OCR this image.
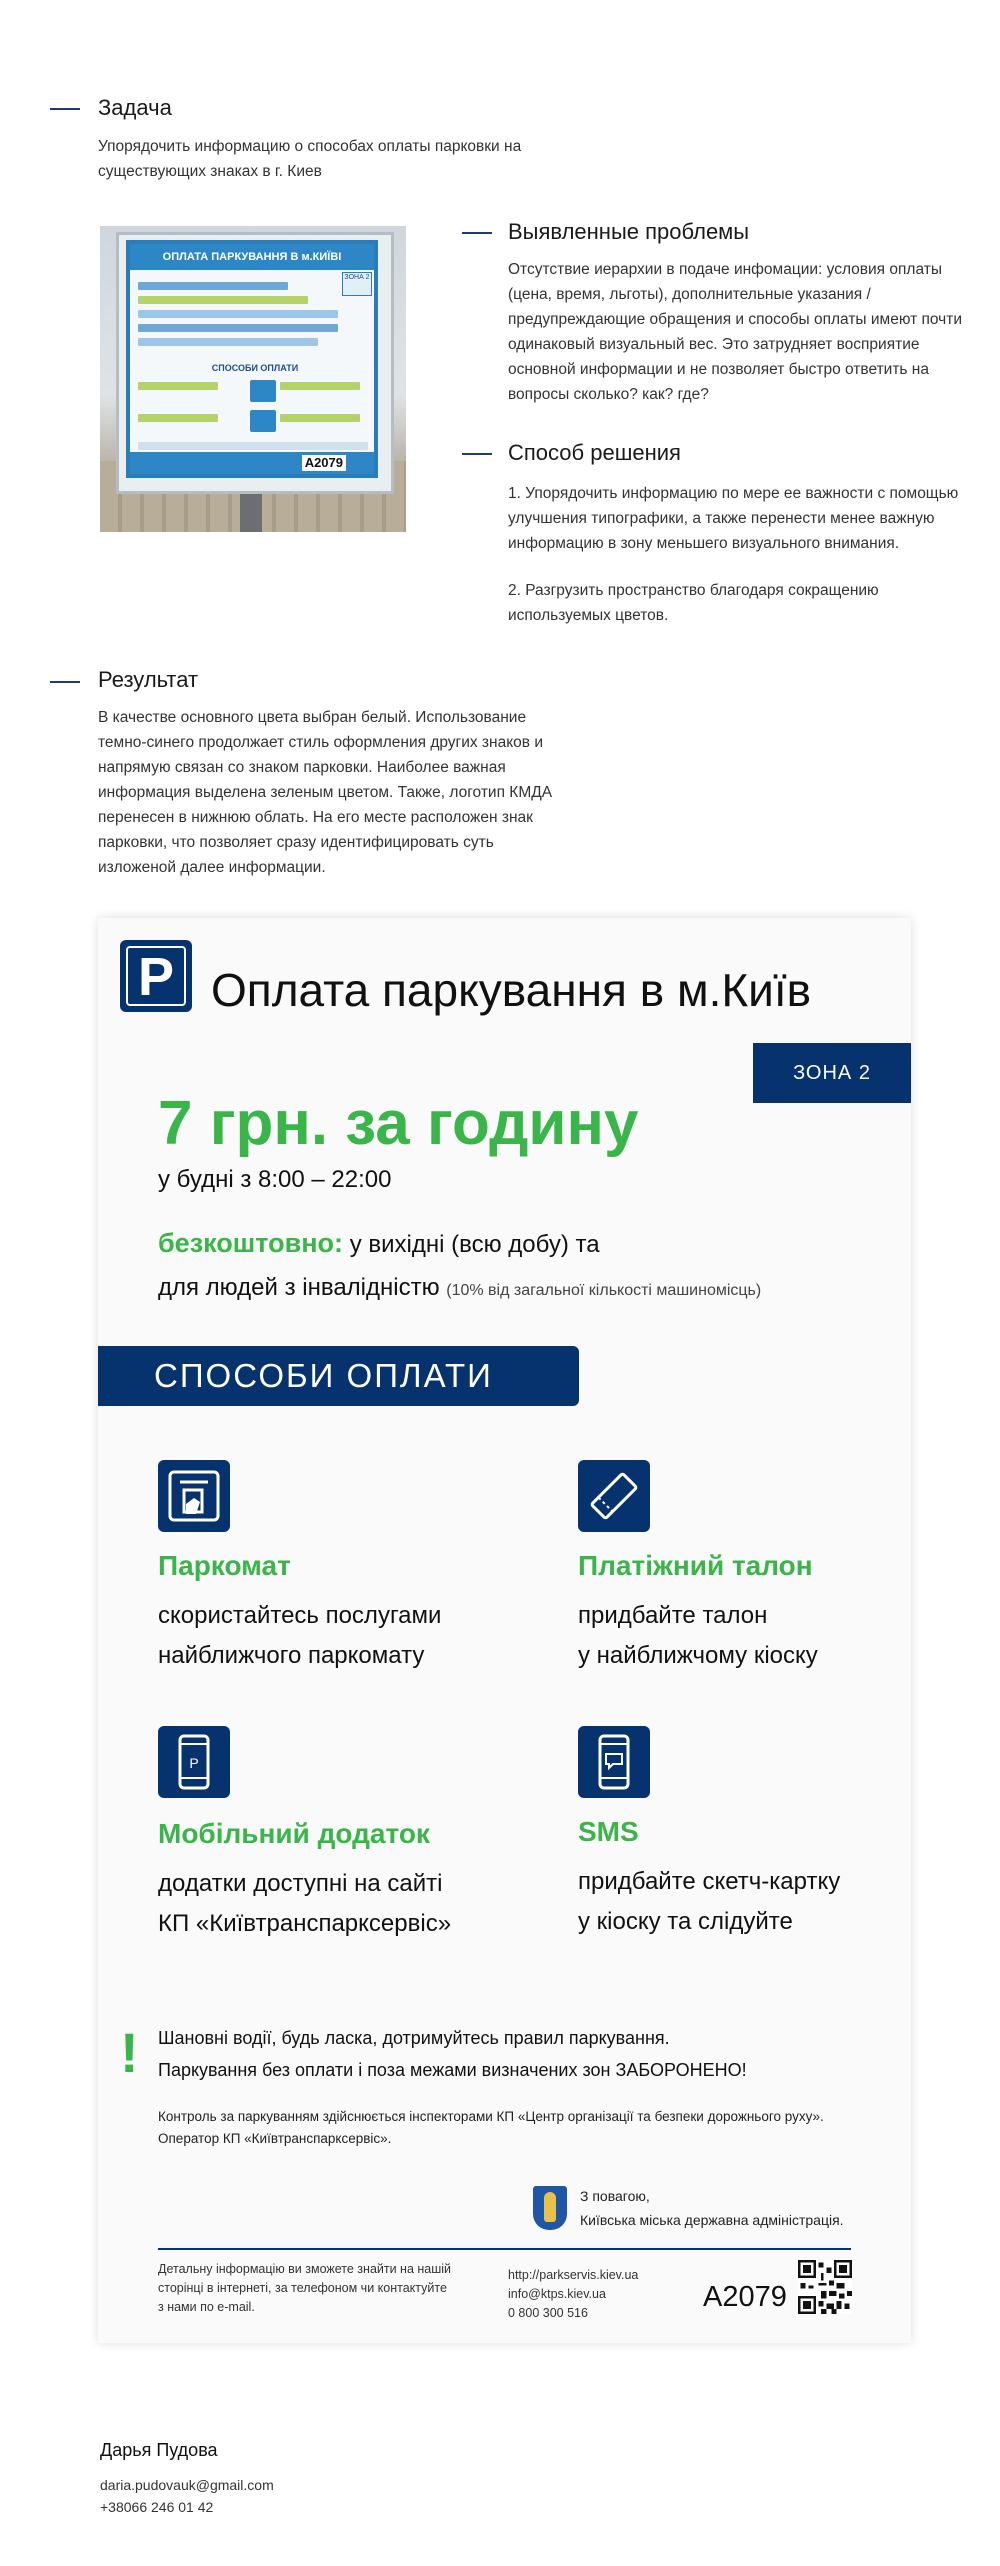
Задача
Упорядочить информацию о способах оплаты парковки на существующих знаках в г. Киев
ОПЛАТА ПАРКУВАННЯ В м.КИЇВІ
ЗОНА 2
СПОСОБИ ОПЛАТИ
A2079
Выявленные проблемы
Отсутствие иерархии в подаче инфомации: условия оплаты (цена, время, льготы), дополнительные указания / предупреждающие обращения и способы оплаты имеют почти одинаковый визуальный вес. Это затрудняет восприятие основной информации и не позволяет быстро ответить на вопросы сколько? как? где?
Способ решения
1. Упорядочить информацию по мере ее важности с помощью улучшения типографики, а также перенести менее важную информацию в зону меньшего визуального внимания.
2. Разгрузить пространство благодаря сокращению используемых цветов.
Результат
В качестве основного цвета выбран белый. Использование темно-синего продолжает стиль оформления других знаков и напрямую связан со знаком парковки. Наиболее важная информация выделена зеленым цветом. Также, логотип КМДА перенесен в нижнюю облать. На его месте расположен знак парковки, что позволяет сразу идентифицировать суть изложеной далее информации.
P Оплата паркування в м.Київ
ЗОНА 2
7 грн. за годину
у будні з 8:00 – 22:00
безкоштовно: у вихідні (всю добу) та
для людей з інвалідністю (10% від загальної кількості машиномісць)
СПОСОБИ ОПЛАТИ
Паркомат
скористайтесь послугами
найближчого паркомату
Платіжний талон
придбайте талон
у найближчому кіоску
P
Мобільний додаток
додатки доступні на сайті
КП «Київтранспарксервіс»
SMS
придбайте скетч-картку
у кіоску та слідуйте
! Шановні водії, будь ласка, дотримуйтесь правил паркування.
Паркування без оплати і поза межами визначених зон ЗАБОРОНЕНО!
Контроль за паркуванням здійснюється інспекторами КП «Центр організації та безпеки дорожнього руху».
Оператор КП «Київтранспарксервіс».
З повагою,
Київська міська державна адміністрація.
Детальну інформацію ви зможете знайти на нашій
сторінці в інтернеті, за телефоном чи контактуйте
з нами по e-mail.
http://parkservis.kiev.ua
info@ktps.kiev.ua
0 800 300 516	A2079
Дарья Пудова
daria.pudovauk@gmail.com
+38066 246 01 42
